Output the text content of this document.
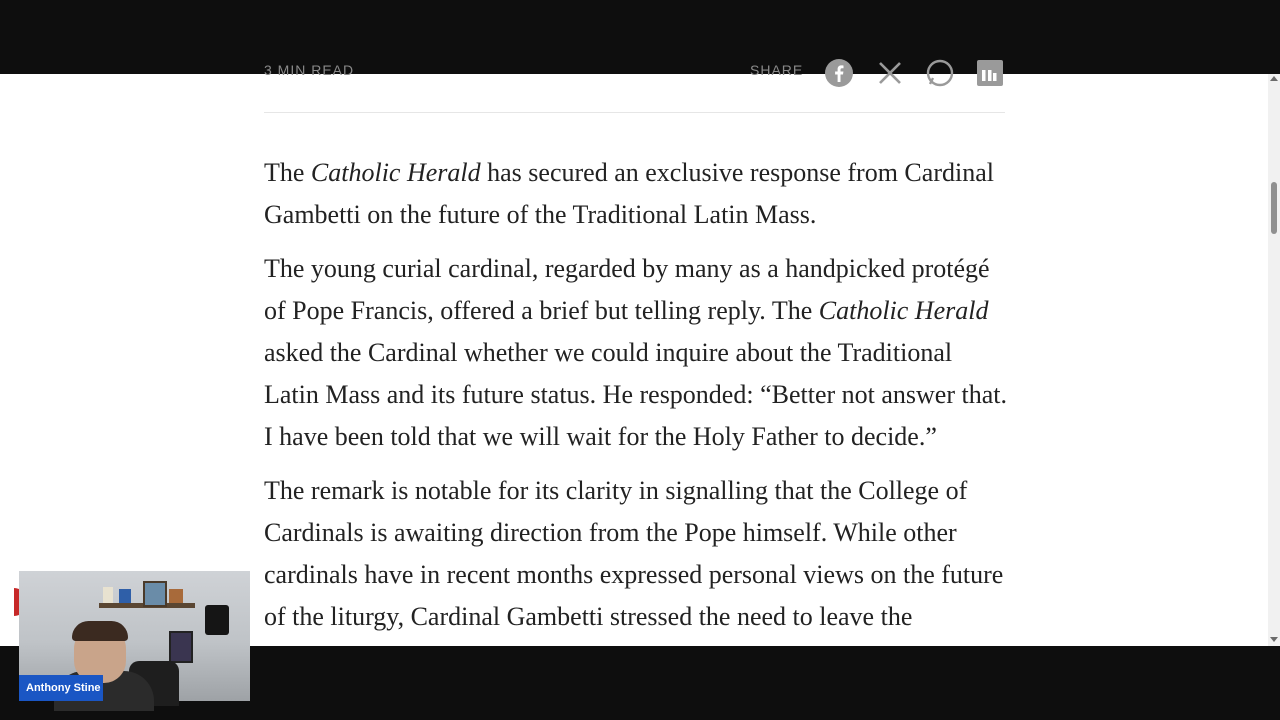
3 MIN READ	SHARE

The Catholic Herald has secured an exclusive response from Cardinal Gambetti on the future of the Traditional Latin Mass.

The young curial cardinal, regarded by many as a handpicked protégé of Pope Francis, offered a brief but telling reply. The Catholic Herald asked the Cardinal whether we could inquire about the Traditional Latin Mass and its future status. He responded: “Better not answer that. I have been told that we will wait for the Holy Father to decide.”

The remark is notable for its clarity in signalling that the College of Cardinals is awaiting direction from the Pope himself. While other cardinals have in recent months expressed personal views on the future of the liturgy, Cardinal Gambetti stressed the need to leave the

Anthony Stine
